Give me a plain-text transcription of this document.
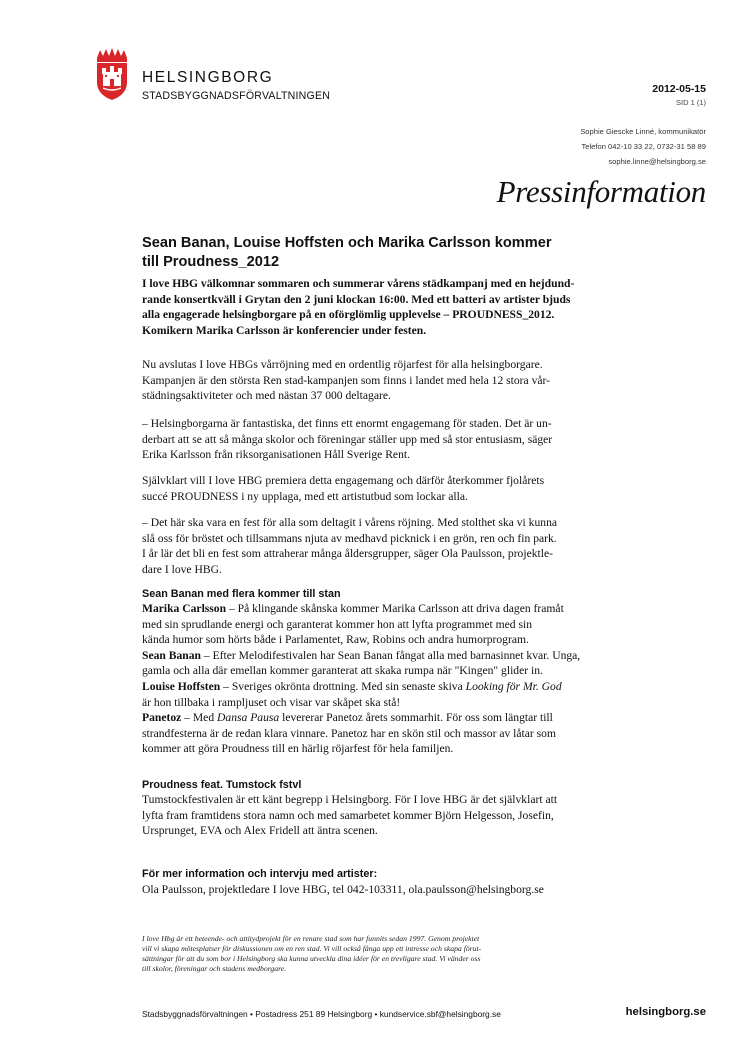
HELSINGBORG
STADSBYGGNADSFÖRVALTNINGEN
2012-05-15
SID 1 (1)
Sophie Giescke Linné, kommunikatör
Telefon 042-10 33 22, 0732-31 58 89
sophie.linne@helsingborg.se
Pressinformation
Sean Banan, Louise Hoffsten och Marika Carlsson kommer
till Proudness_2012
I love HBG välkomnar sommaren och summerar vårens städkampanj med en hejdund-
rande konsertkväll i Grytan den 2 juni klockan 16:00. Med ett batteri av artister bjuds
alla engagerade helsingborgare på en oförglömlig upplevelse – PROUDNESS_2012.
Komikern Marika Carlsson är konferencier under festen.
Nu avslutas I love HBGs vårröjning med en ordentlig röjarfest för alla helsingborgare.
Kampanjen är den största Ren stad-kampanjen som finns i landet med hela 12 stora vår-
städningsaktiviteter och med nästan 37 000 deltagare.
– Helsingborgarna är fantastiska, det finns ett enormt engagemang för staden. Det är un-
derbart att se att så många skolor och föreningar ställer upp med så stor entusiasm, säger
Erika Karlsson från riksorganisationen Håll Sverige Rent.
Självklart vill I love HBG premiera detta engagemang och därför återkommer fjolårets
succé PROUDNESS i ny upplaga, med ett artistutbud som lockar alla.
– Det här ska vara en fest för alla som deltagit i vårens röjning. Med stolthet ska vi kunna
slå oss för bröstet och tillsammans njuta av medhavd picknick i en grön, ren och fin park.
I år lär det bli en fest som attraherar många åldersgrupper, säger Ola Paulsson, projektle-
dare I love HBG.
Sean Banan med flera kommer till stan
Marika Carlsson – På klingande skånska kommer Marika Carlsson att driva dagen framåt
med sin sprudlande energi och garanterat kommer hon att lyfta programmet med sin
kända humor som hörts både i Parlamentet, Raw, Robins och andra humorprogram.
Sean Banan – Efter Melodifestivalen har Sean Banan fångat alla med barnasinnet kvar. Unga,
gamla och alla där emellan kommer garanterat att skaka rumpa när "Kingen" glider in.
Louise Hoffsten – Sveriges okrönta drottning. Med sin senaste skiva Looking för Mr. God
är hon tillbaka i rampljuset och visar var skåpet ska stå!
Panetoz – Med Dansa Pausa levererar Panetoz årets sommarhit. För oss som längtar till
strandfesterna är de redan klara vinnare. Panetoz har en skön stil och massor av låtar som
kommer att göra Proudness till en härlig röjarfest för hela familjen.
Proudness feat. Tumstock fstvl
Tumstockfestivalen är ett känt begrepp i Helsingborg. För I love HBG är det självklart att
lyfta fram framtidens stora namn och med samarbetet kommer Björn Helgesson, Josefin,
Ursprunget, EVA och Alex Fridell att äntra scenen.
För mer information och intervju med artister:
Ola Paulsson, projektledare I love HBG, tel 042-103311, ola.paulsson@helsingborg.se
I love Hbg är ett beteende- och attitydprojekt för en renare stad som har funnits sedan 1997. Genom projektet
vill vi skapa mötesplatser för diskussionen om en ren stad. Vi vill också fånga upp ett intresse och skapa förut-
sättningar för att du som bor i Helsingborg ska kunna utveckla dina idéer för en trevligare stad. Vi vänder oss
till skolor, föreningar och stadens medborgare.
Stadsbyggnadsförvaltningen • Postadress 251 89 Helsingborg • kundservice.sbf@helsingborg.se	helsingborg.se
